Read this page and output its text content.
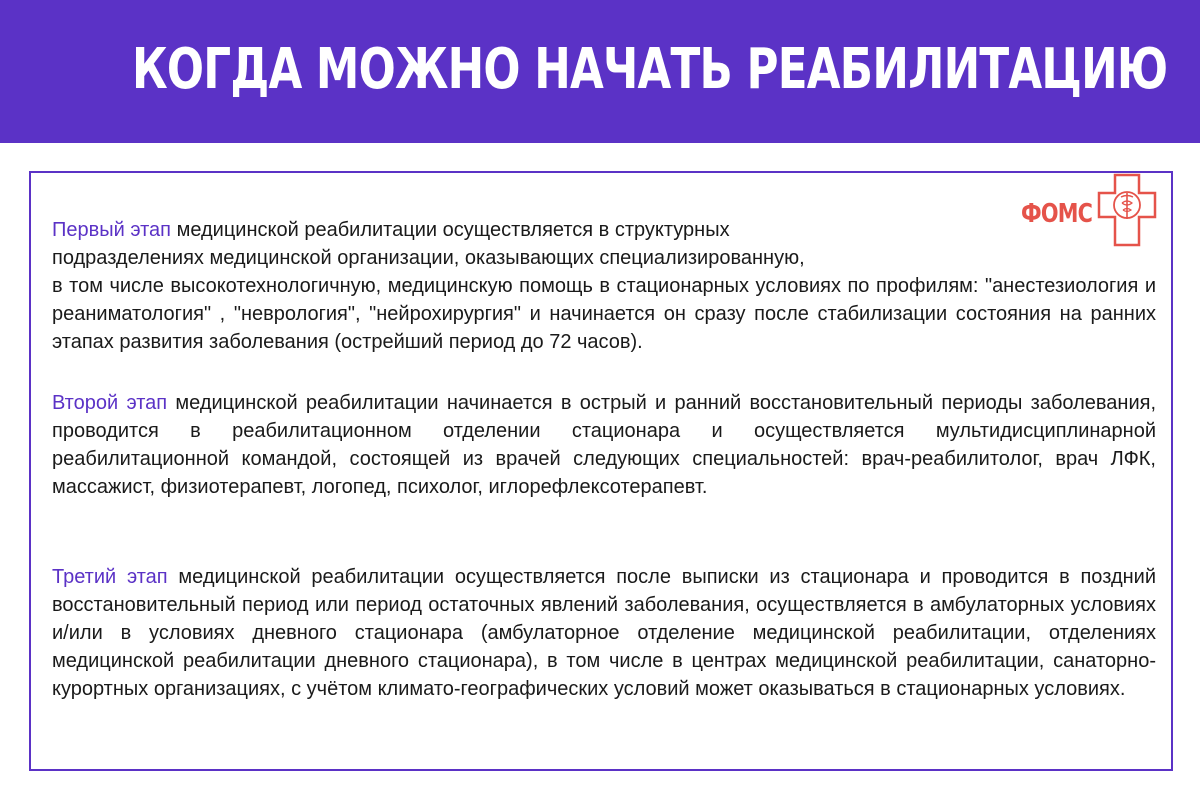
КОГДА МОЖНО НАЧАТЬ РЕАБИЛИТАЦИЮ
ФОМС

Первый этап медицинской реабилитации осуществляется в структурных
подразделениях медицинской организации, оказывающих специализированную,
в том числе высокотехнологичную, медицинскую помощь в стационарных условиях по профилям: "анестезиология и реаниматология" , "неврология", "нейрохирургия" и начинается он сразу после стабилизации состояния на ранних этапах развития заболевания (острейший период до 72 часов).

Второй этап медицинской реабилитации начинается в острый и ранний восстановительный периоды заболевания, проводится в реабилитационном отделении стационара и осуществляется мультидисциплинарной реабилитационной командой, состоящей из врачей следующих специальностей: врач-реабилитолог, врач ЛФК, массажист, физиотерапевт, логопед, психолог, иглорефлексотерапевт.

Третий этап медицинской реабилитации осуществляется после выписки из стационара и проводится в поздний восстановительный период или период остаточных явлений заболевания, осуществляется в амбулаторных условиях и/или в условиях дневного стационара (амбулаторное отделение медицинской реабилитации, отделениях медицинской реабилитации дневного стационара), в том числе в центрах медицинской реабилитации, санаторно-курортных организациях, с учётом климато-географических условий может оказываться в стационарных условиях.
